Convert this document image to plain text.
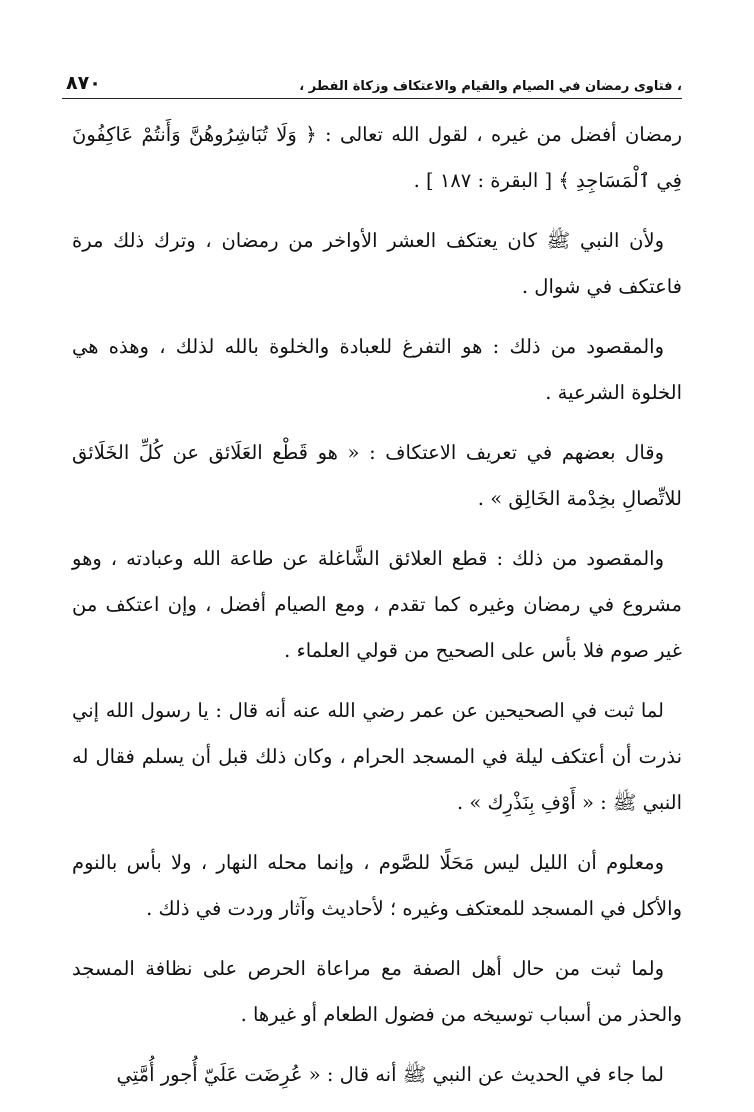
، فتاوى رمضان في الصيام والقيام والاعتكاف وزكاة الفطر ،
٨٧٠

رمضان أفضل من غيره ، لقول الله تعالى : ﴿ وَلَا تُبَاشِرُوهُنَّ وَأَنتُمْ عَاكِفُونَ فِي ٱلْمَسَاجِدِ ﴾ [ البقرة : ١٨٧ ] .

ولأن النبي ﷺ كان يعتكف العشر الأواخر من رمضان ، وترك ذلك مرة فاعتكف في شوال .

والمقصود من ذلك : هو التفرغ للعبادة والخلوة بالله لذلك ، وهذه هي الخلوة الشرعية .

وقال بعضهم في تعريف الاعتكاف : « هو قَطْع العَلَائق عن كُلِّ الخَلَائق للاتِّصالِ بخِدْمة الخَالِق » .

والمقصود من ذلك : قطع العلائق الشَّاغلة عن طاعة الله وعبادته ، وهو مشروع في رمضان وغيره كما تقدم ، ومع الصيام أفضل ، وإن اعتكف من غير صوم فلا بأس على الصحيح من قولي العلماء .

لما ثبت في الصحيحين عن عمر رضي الله عنه أنه قال : يا رسول الله إني نذرت أن أعتكف ليلة في المسجد الحرام ، وكان ذلك قبل أن يسلم فقال له النبي ﷺ : « أَوْفِ بِنَذْرِك » .

ومعلوم أن الليل ليس مَحَلًا للصَّوم ، وإنما محله النهار ، ولا بأس بالنوم والأكل في المسجد للمعتكف وغيره ؛ لأحاديث وآثار وردت في ذلك .

ولما ثبت من حال أهل الصفة مع مراعاة الحرص على نظافة المسجد والحذر من أسباب توسيخه من فضول الطعام أو غيرها .

لما جاء في الحديث عن النبي ﷺ أنه قال : « عُرِضَت عَلَيّ أُجور أُمَّتِي
